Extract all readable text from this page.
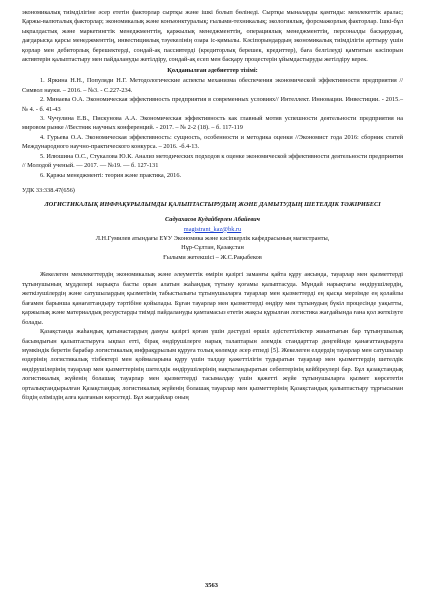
экономикалық тиімділігіне әсер ететін факторлар сыртқы және ішкі болып бөлінеді. Сыртқы мыналарды қамтиды: мемлекеттік аралас; Қаржы-валюталық факторлар; экономикалық және конъюнктуралық; ғылыми-техникалық; экологиялық, форсмажорлық факторлар. Ішкі-бұл ықпалдастық және маркетингтік менеджменттің, қаржылық менеджменттің, операциялық менеджменттің, персоналды басқарудың, дағдарысқа қарсы менеджменттің, инвестициялық тәуекелінің озара іс-қимылы. Кәсіпорындардың экономикалық тиімділігін арттыру үшін қорлар мен дебиторлық берешектерді, сондай-ақ пассивтерді (кредиторлық берешек, кредиттер), баға белгілеуді қамтитын кәсіпорын активтерін қалыптастыру мен пайдалануды жетілдіру, сондай-ақ есеп мен басқару процестерін ұйымдастыруды жетілдіру керек.

Қолданылған әдебиеттер тізімі:

1. Яркина Н.Н., Популяди Н.Г. Методологические аспекты механизма обеспечения экономической эффективности предприятия // Символ науки. – 2016. – №3. - С.227-234.

2. Минаева О.А. Экономическая эффективность предприятия в современных условиях// Интеллект. Инновации. Инвестиции. - 2015.– № 4. - б. 41-43

3. Чучулина Е.В., Пискунова А.А. Экономическая эффективность как главный мотив успешности деятельности предприятия на мировом рынке //Вестник научных конференций. - 2017. – № 2-2 (18). – б. 117-119

4. Гурьева О.А. Экономическая эффективность: сущность, особенности и методика оценки //Экономист года 2016: сборник статей Международного научно-практического конкурса. – 2016. -б.4-13.

5. Илюшина О.С., Стукалова Ю.К. Анализ методических подходов к оценке экономической эффективности деятельности предприятия // Молодой ученый. — 2017. — №19. — б. 127-131

6. Қаржы менеджменті: теория және практика, 2016.

УДК 33:338.47(656)
ЛОГИСТИКАЛЫҚ ИНФРАҚҰРЫЛЫМДЫ ҚАЛЫПТАСТЫРУДЫҢ ЖӘНЕ ДАМЫТУДЫҢ ШЕТЕЛДІК ТӘЖІРИБЕСІ
Садуахасов Кудайберген Абайевич
magistrant_kaz@bk.ru
Л.Н.Гумилев атындағы ЕҰУ Экономика және кәсіпкерлік кафедрасының магистранты,
Нұр-Сұлтан, Қазақстан
Ғылыми жетекшісі – Ж.С.Рақыбеков

Жекелеген мемлекеттердің экономикалық және әлеуметтік өмірін қазіргі заманғы қайта құру аясында, тауарлар мен қызметтерді тұтынушының мүдделері нарықта басты орын алатын жаһандық түтыну қоғамы қалыптасуда. Мұндай нарықтағы өндірушілердің, жеткізушілердің және сатушылардың қызметінің табыстылығы тұтынушыларға тауарлар мен қызметтерді ең қысқа мерзімде ең қолайлы бағамен барынша қанағаттандыру тәртібіне қойылады. Бұған тауарлар мен қызметтерді өндіру мен тұтынудың бүкіл процесінде уақытты, қаржылық және материалдық ресурстарды тиімді пайдалануды қамтамасыз ететін жақсы құрылған логистика жағдайында ғана қол жеткізуге болады.

Қазақстанда жаһандық қатынастардың дамуы қазіргі қоғам үшін дәстүрлі өршіл әдістеттіліктер жиынтығын бар тұтынушылық басымдығын қалыптастыруға ықпал етті, бірақ өндірушілерге нарық талаптарын әлемдік стандарттар деңгейінде қанағаттандыруға мүмкіндік беретін барабар логистикалық инфрақұрылым құруға толық көлемде әсер етпеді [5]. Жекелеген елдердің тауарлар мен сатушылар өздерінің логистикалық тізбектері мен қоймаларына құру үшін талдау қажеттілігін тудыратын тауарлар мен қызметтердің шетелдік өндірушілерінің тауарлар мен қызметтерінің шетелдік өндірушілерінің нақтыландыратын себептерінің кейбіреулері бар. Бұл қазақстандық логистикалық жүйенің болашақ тауарлар мен қызметтерді тасымалдау үшін қажетті жүйе тұтынушыларға қызмет көрсететін орталықтандырылған Қазақстандық логистикалық жүйенің болашақ тауарлар мен қызметтерінің Қазақстандық қалыптастыру тұрғысынан біздің еліміздің алға қалғанын көрсетеді. Бұл жағдайлар оның

3563
